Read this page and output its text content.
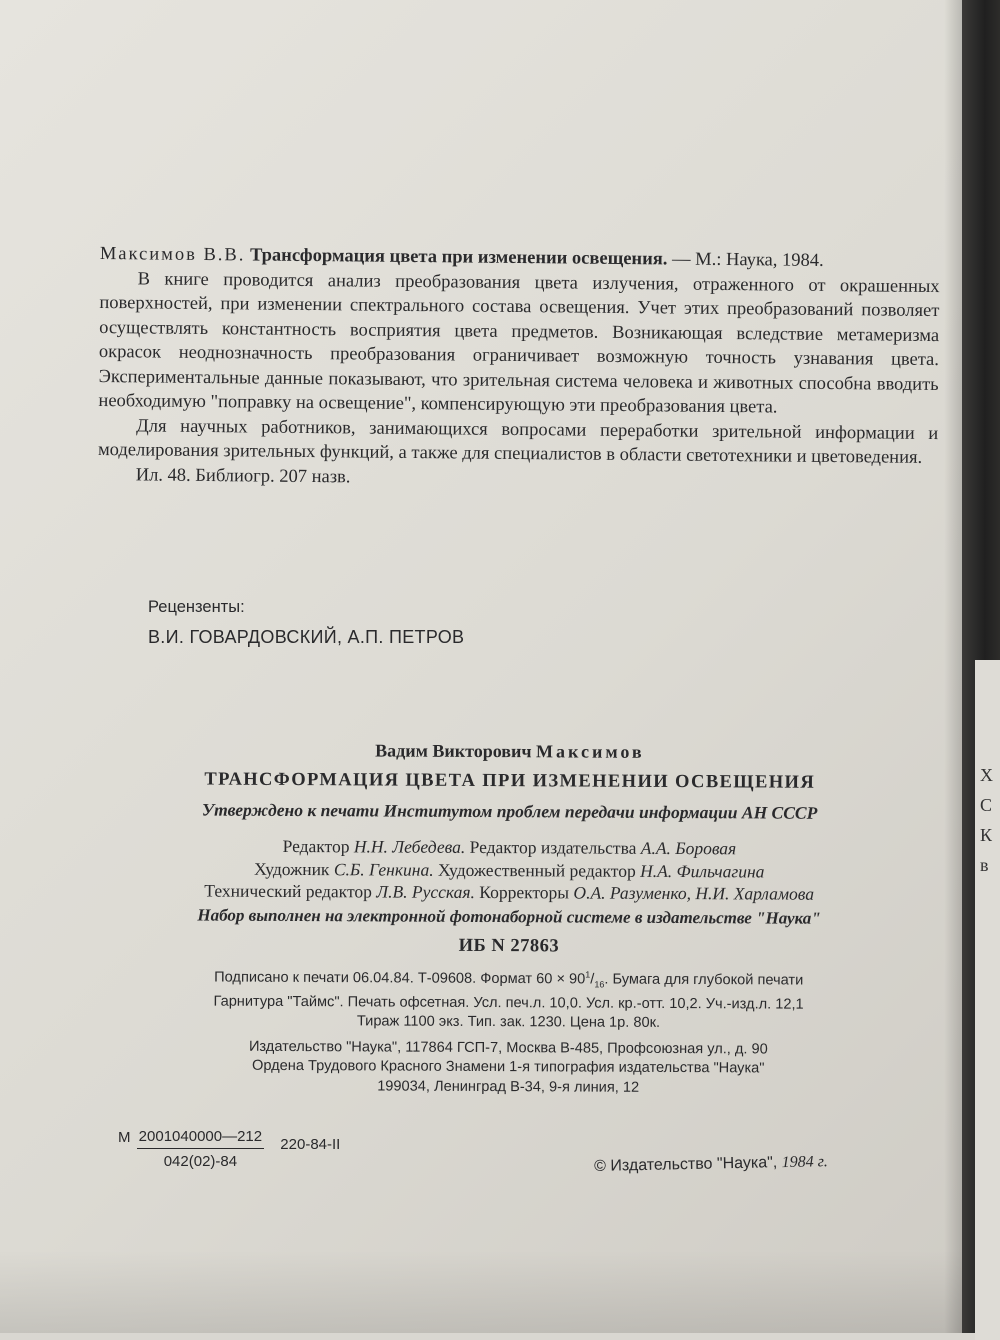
Х
С
К
в

Максимов В.В. Трансформация цвета при изменении освещения. — М.: Наука, 1984.

В книге проводится анализ преобразования цвета излучения, отраженного от окрашенных поверхностей, при изменении спектрального состава освещения. Учет этих преобразований позволяет осуществлять константность восприятия цвета предметов. Возникающая вследствие метамеризма окрасок неоднозначность преобразования ограничивает возможную точность узнавания цвета. Экспериментальные данные показывают, что зрительная система человека и животных способна вводить необходимую "поправку на освещение", компенсирующую эти преобразования цвета.

Для научных работников, занимающихся вопросами переработки зрительной информации и моделирования зрительных функций, а также для специалистов в области светотехники и цветоведения.

Ил. 48. Библиогр. 207 назв.

Рецензенты:
В.И. ГОВАРДОВСКИЙ, А.П. ПЕТРОВ
Вадим Викторович Максимов
ТРАНСФОРМАЦИЯ ЦВЕТА ПРИ ИЗМЕНЕНИИ ОСВЕЩЕНИЯ
Утверждено к печати Институтом проблем передачи информации АН СССР
Редактор Н.Н. Лебедева. Редактор издательства А.А. Боровая
Художник С.Б. Генкина. Художественный редактор Н.А. Фильчагина
Технический редактор Л.В. Русская. Корректоры О.А. Разуменко, Н.И. Харламова
Набор выполнен на электронной фотонаборной системе в издательстве "Наука"
ИБ N 27863
Подписано к печати 06.04.84. Т-09608. Формат $60 \times 90^1/_{16}$. Бумага для глубокой печати
Гарнитура "Таймс". Печать офсетная. Усл. печ.л. 10,0. Усл. кр.-отт. 10,2. Уч.-изд.л. 12,1
Тираж 1100 экз. Тип. зак. 1230. Цена 1р. 80к.
Издательство "Наука", 117864 ГСП-7, Москва В-485, Профсоюзная ул., д. 90
Ордена Трудового Красного Знамени 1-я типография издательства "Наука"
199034, Ленинград В-34, 9-я линия, 12
М $\frac{2001040000—212}{042(02)-84} 220-84-II$
© Издательство "Наука", 1984 г.
